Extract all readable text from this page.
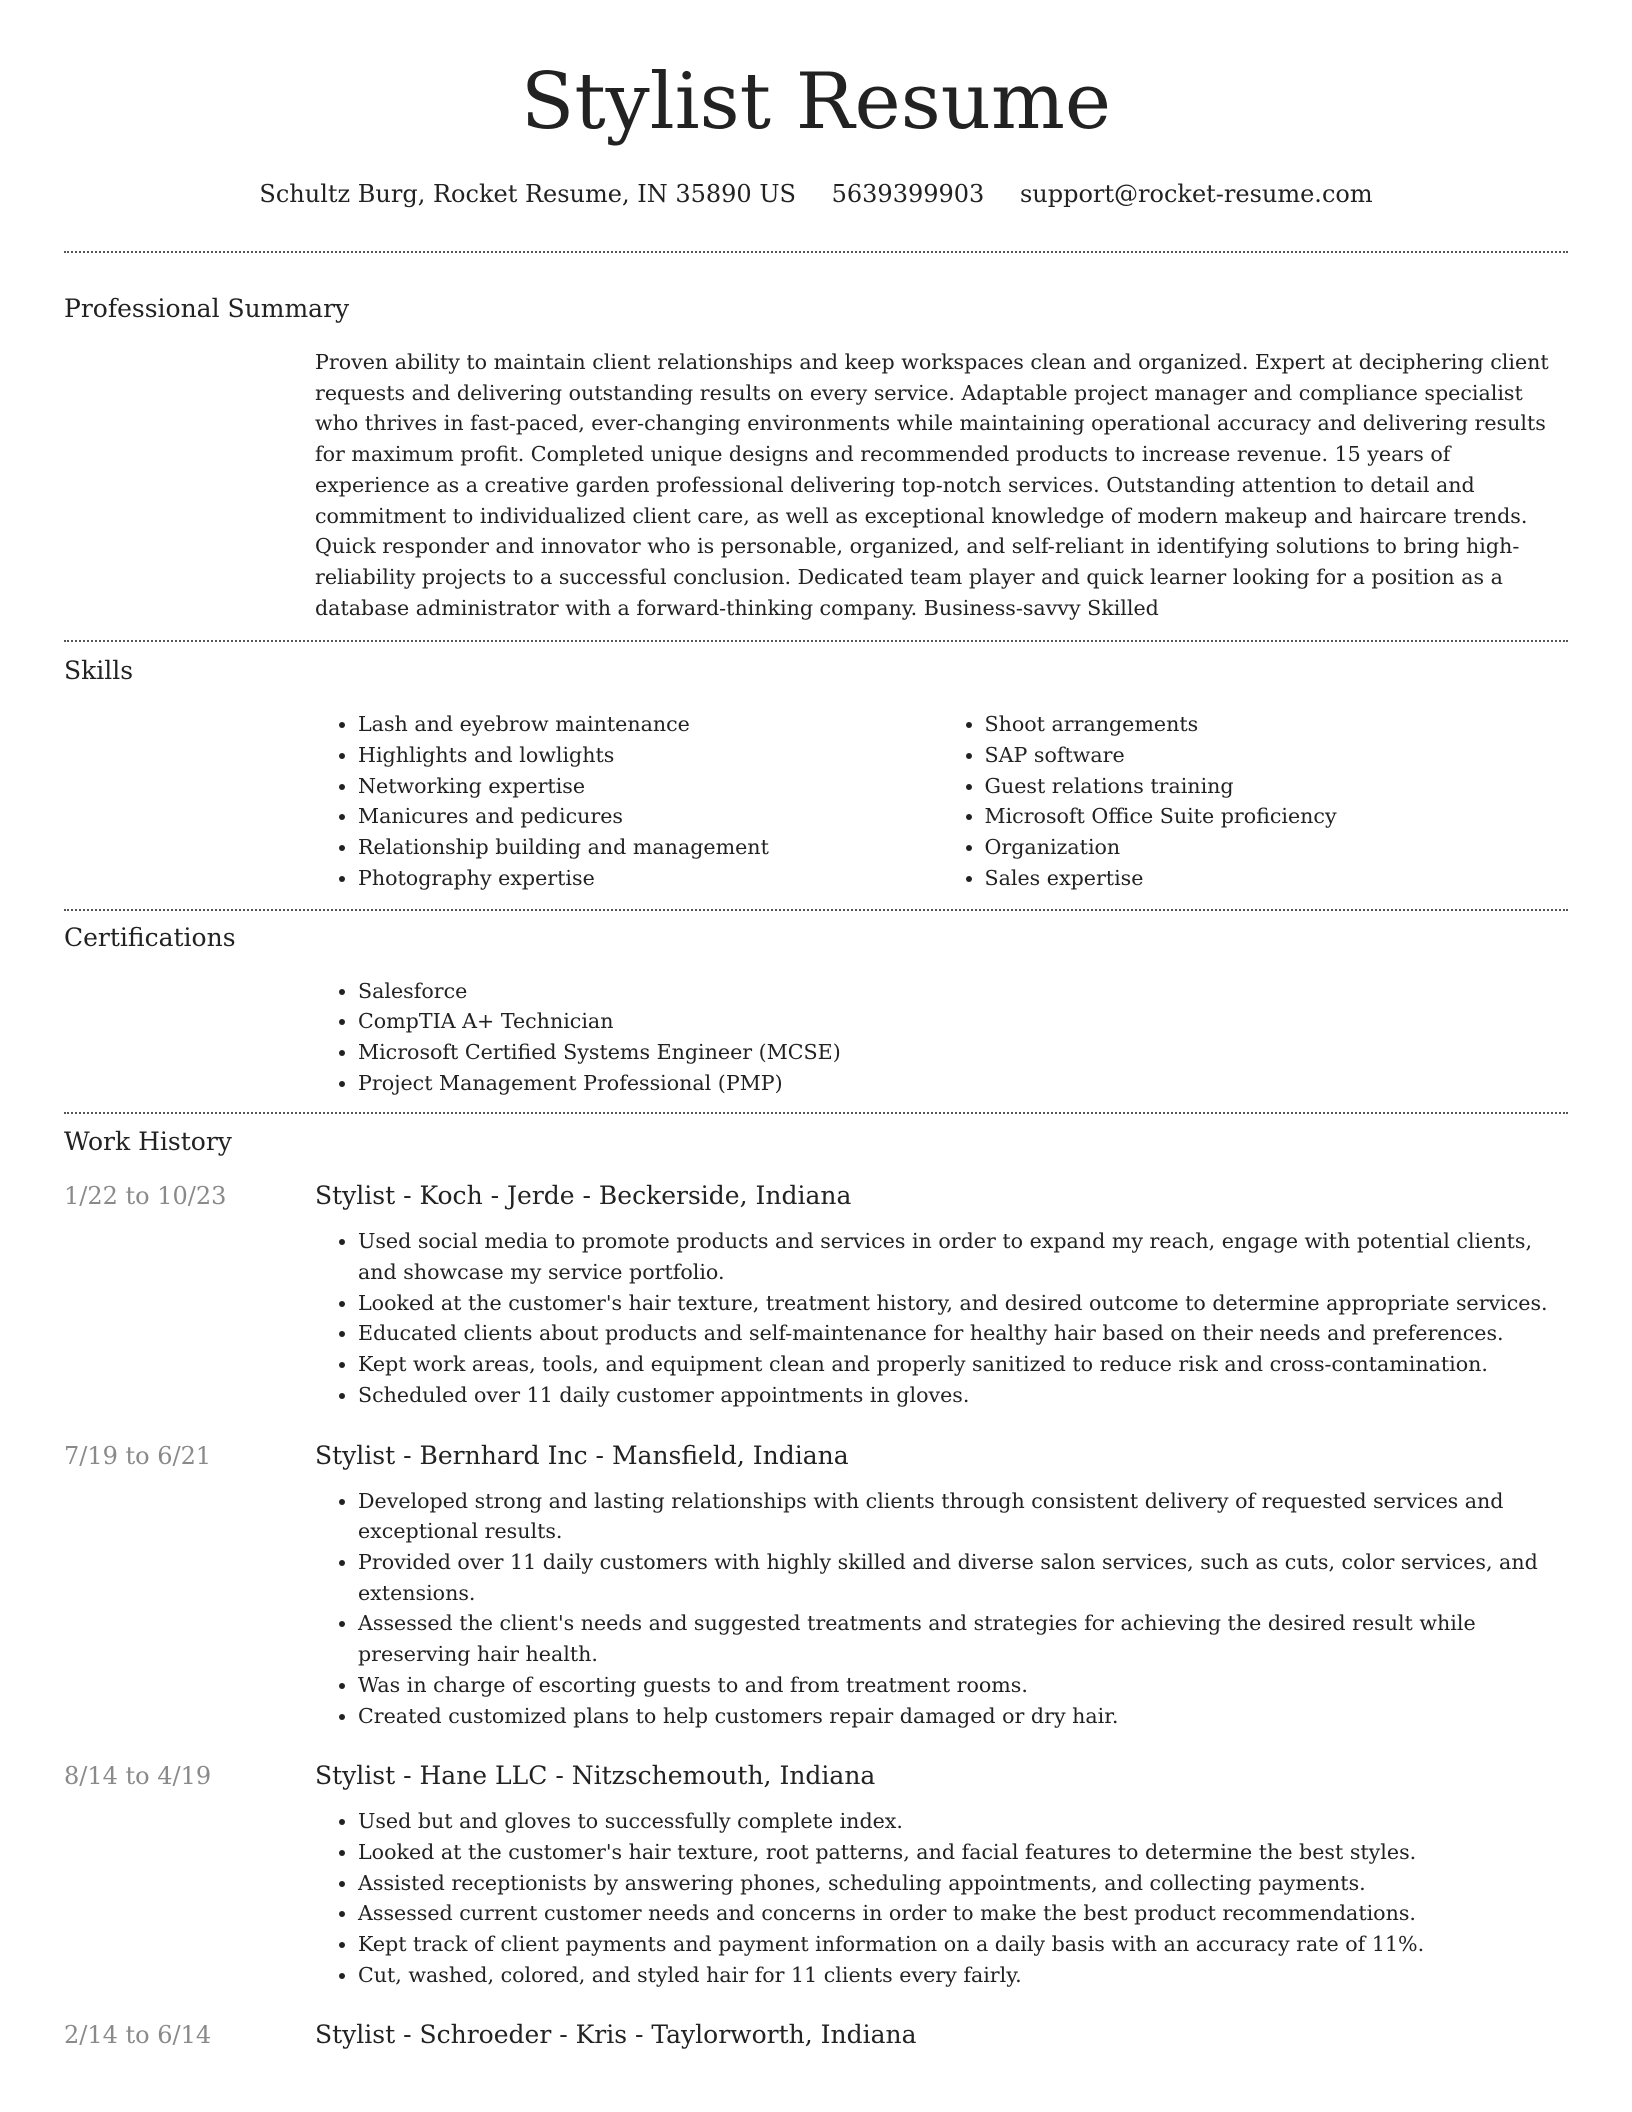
Stylist Resume
Schultz Burg, Rocket Resume, IN 35890 US 5639399903 support@rocket-resume.com
Professional Summary
Proven ability to maintain client relationships and keep workspaces clean and organized. Expert at deciphering client requests and delivering outstanding results on every service. Adaptable project manager and compliance specialist who thrives in fast-paced, ever-changing environments while maintaining operational accuracy and delivering results for maximum profit. Completed unique designs and recommended products to increase revenue. 15 years of experience as a creative garden professional delivering top-notch services. Outstanding attention to detail and commitment to individualized client care, as well as exceptional knowledge of modern makeup and haircare trends. Quick responder and innovator who is personable, organized, and self-reliant in identifying solutions to bring high-reliability projects to a successful conclusion. Dedicated team player and quick learner looking for a position as a database administrator with a forward-thinking company. Business-savvy Skilled
Skills
• Lash and eyebrow maintenance
• Highlights and lowlights
• Networking expertise
• Manicures and pedicures
• Relationship building and management
• Photography expertise
• Shoot arrangements
• SAP software
• Guest relations training
• Microsoft Office Suite proficiency
• Organization
• Sales expertise
Certifications
• Salesforce
• CompTIA A+ Technician
• Microsoft Certified Systems Engineer (MCSE)
• Project Management Professional (PMP)
Work History
1/22 to 10/23	Stylist - Koch - Jerde - Beckerside, Indiana
• Used social media to promote products and services in order to expand my reach, engage with potential clients, and showcase my service portfolio.
• Looked at the customer's hair texture, treatment history, and desired outcome to determine appropriate services.
• Educated clients about products and self-maintenance for healthy hair based on their needs and preferences.
• Kept work areas, tools, and equipment clean and properly sanitized to reduce risk and cross-contamination.
• Scheduled over 11 daily customer appointments in gloves.
7/19 to 6/21	Stylist - Bernhard Inc - Mansfield, Indiana
• Developed strong and lasting relationships with clients through consistent delivery of requested services and exceptional results.
• Provided over 11 daily customers with highly skilled and diverse salon services, such as cuts, color services, and extensions.
• Assessed the client's needs and suggested treatments and strategies for achieving the desired result while preserving hair health.
• Was in charge of escorting guests to and from treatment rooms.
• Created customized plans to help customers repair damaged or dry hair.
8/14 to 4/19	Stylist - Hane LLC - Nitzschemouth, Indiana
• Used but and gloves to successfully complete index.
• Looked at the customer's hair texture, root patterns, and facial features to determine the best styles.
• Assisted receptionists by answering phones, scheduling appointments, and collecting payments.
• Assessed current customer needs and concerns in order to make the best product recommendations.
• Kept track of client payments and payment information on a daily basis with an accuracy rate of 11%.
• Cut, washed, colored, and styled hair for 11 clients every fairly.
2/14 to 6/14	Stylist - Schroeder - Kris - Taylorworth, Indiana
